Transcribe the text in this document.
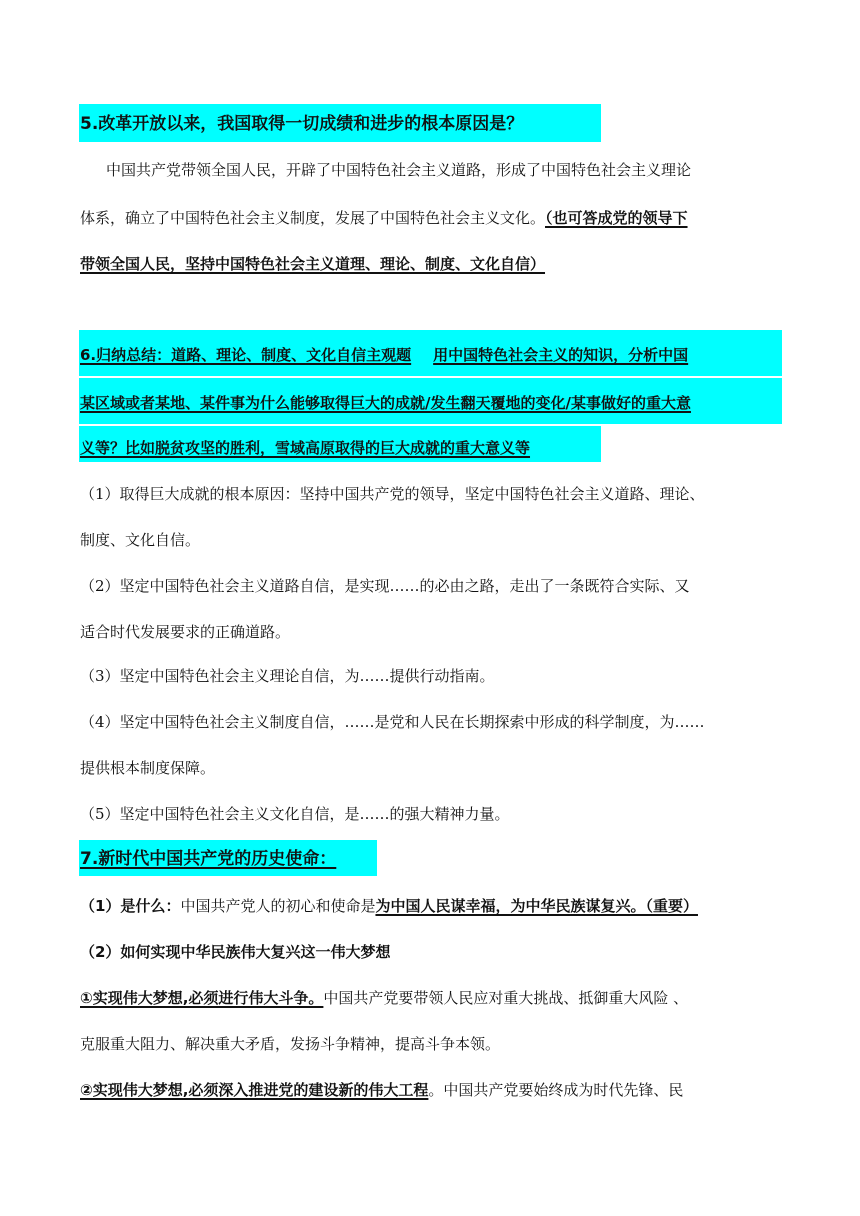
5.改革开放以来，我国取得一切成绩和进步的根本原因是？
中国共产党带领全国人民，开辟了中国特色社会主义道路，形成了中国特色社会主义理论
体系，确立了中国特色社会主义制度，发展了中国特色社会主义文化。（也可答成党的领导下
带领全国人民，坚持中国特色社会主义道理、理论、制度、文化自信）
6.归纳总结：道路、理论、制度、文化自信主观题 用中国特色社会主义的知识，分析中国
某区域或者某地、某件事为什么能够取得巨大的成就/发生翻天覆地的变化/某事做好的重大意
义等？比如脱贫攻坚的胜利，雪域高原取得的巨大成就的重大意义等
（1）取得巨大成就的根本原因：坚持中国共产党的领导，坚定中国特色社会主义道路、理论、
制度、文化自信。
（2）坚定中国特色社会主义道路自信，是实现……的必由之路，走出了一条既符合实际、又
适合时代发展要求的正确道路。
（3）坚定中国特色社会主义理论自信，为……提供行动指南。
（4）坚定中国特色社会主义制度自信，……是党和人民在长期探索中形成的科学制度，为……
提供根本制度保障。
（5）坚定中国特色社会主义文化自信，是……的强大精神力量。
7.新时代中国共产党的历史使命：
（1）是什么：中国共产党人的初心和使命是为中国人民谋幸福，为中华民族谋复兴。（重要）
（2）如何实现中华民族伟大复兴这一伟大梦想
①实现伟大梦想,必须进行伟大斗争。中国共产党要带领人民应对重大挑战、抵御重大风险 、
克服重大阻力、解决重大矛盾，发扬斗争精神，提高斗争本领。
②实现伟大梦想,必须深入推进党的建设新的伟大工程。中国共产党要始终成为时代先锋、民
